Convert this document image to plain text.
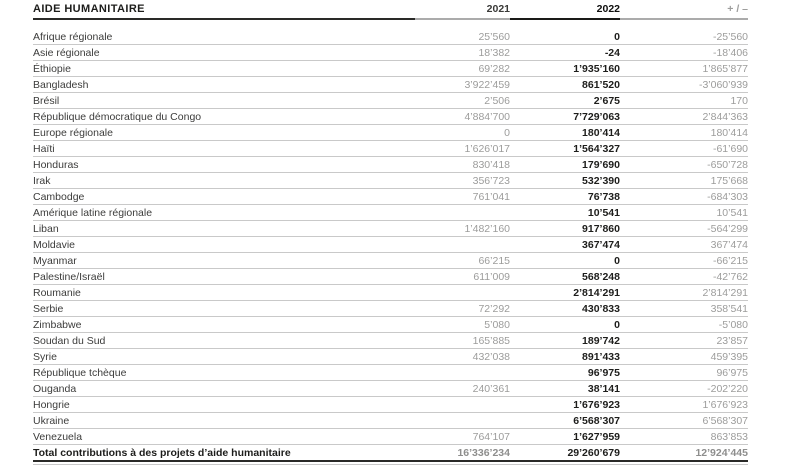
AIDE HUMANITAIRE	2021	2022	+ / –

Afrique régionale	25’560	0	-25’560
Asie régionale	18’382	-24	-18’406
Éthiopie	69’282	1’935’160	1’865’877
Bangladesh	3’922’459	861’520	-3’060’939
Brésil	2’506	2’675	170
République démocratique du Congo	4’884’700	7’729’063	2’844’363
Europe régionale	0	180’414	180’414
Haïti	1’626’017	1’564’327	-61’690
Honduras	830’418	179’690	-650’728
Irak	356’723	532’390	175’668
Cambodge	761’041	76’738	-684’303
Amérique latine régionale		10’541	10’541
Liban	1’482’160	917’860	-564’299
Moldavie		367’474	367’474
Myanmar	66’215	0	-66’215
Palestine/Israël	611’009	568’248	-42’762
Roumanie		2’814’291	2’814’291
Serbie	72’292	430’833	358’541
Zimbabwe	5’080	0	-5’080
Soudan du Sud	165’885	189’742	23’857
Syrie	432’038	891’433	459’395
République tchèque		96’975	96’975
Ouganda	240’361	38’141	-202’220
Hongrie		1’676’923	1’676’923
Ukraine		6’568’307	6’568’307
Venezuela	764’107	1’627’959	863’853
Total contributions à des projets d’aide humanitaire	16’336’234	29’260’679	12’924’445
